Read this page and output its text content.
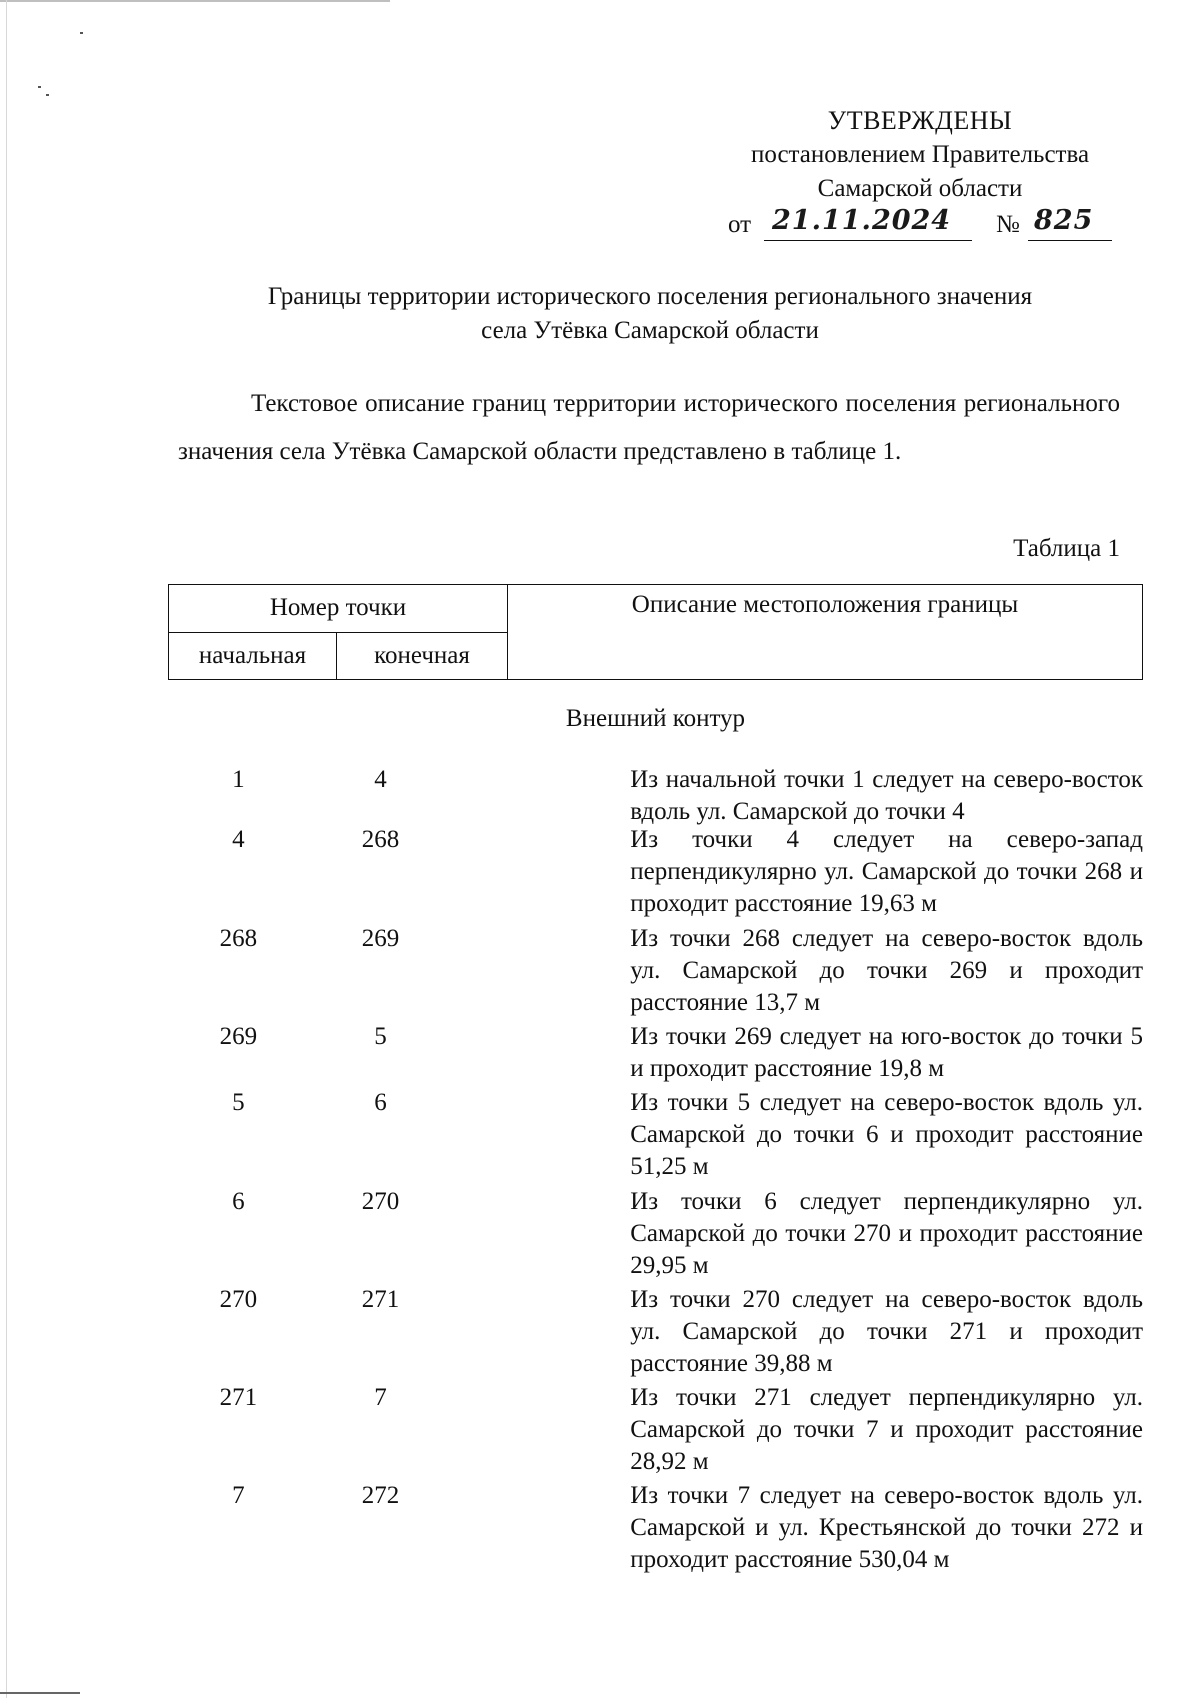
УТВЕРЖДЕНЫ
постановлением Правительства
Самарской области
от 21.11.2024 № 825
Границы территории исторического поселения регионального значения
села Утёвка Самарской области

Текстовое описание границ территории исторического поселения регионального значения села Утёвка Самарской области представлено в таблице 1.

Таблица 1
Номер точки		Описание местоположения границы
начальная	конечная	
Внешний контур
1	4	Из начальной точки 1 следует на северо-восток вдоль ул. Самарской до точки 4
4	268	Из точки 4 следует на северо-запад перпендикулярно ул. Самарской до точки 268 и проходит расстояние 19,63 м
268	269	Из точки 268 следует на северо-восток вдоль ул. Самарской до точки 269 и проходит расстояние 13,7 м
269	5	Из точки 269 следует на юго-восток до точки 5 и проходит расстояние 19,8 м
5	6	Из точки 5 следует на северо-восток вдоль ул. Самарской до точки 6 и проходит расстояние 51,25 м
6	270	Из точки 6 следует перпендикулярно ул. Самарской до точки 270 и проходит расстояние 29,95 м
270	271	Из точки 270 следует на северо-восток вдоль ул. Самарской до точки 271 и проходит расстояние 39,88 м
271	7	Из точки 271 следует перпендикулярно ул. Самарской до точки 7 и проходит расстояние 28,92 м
7	272	Из точки 7 следует на северо-восток вдоль ул. Самарской и ул. Крестьянской до точки 272 и проходит расстояние 530,04 м
